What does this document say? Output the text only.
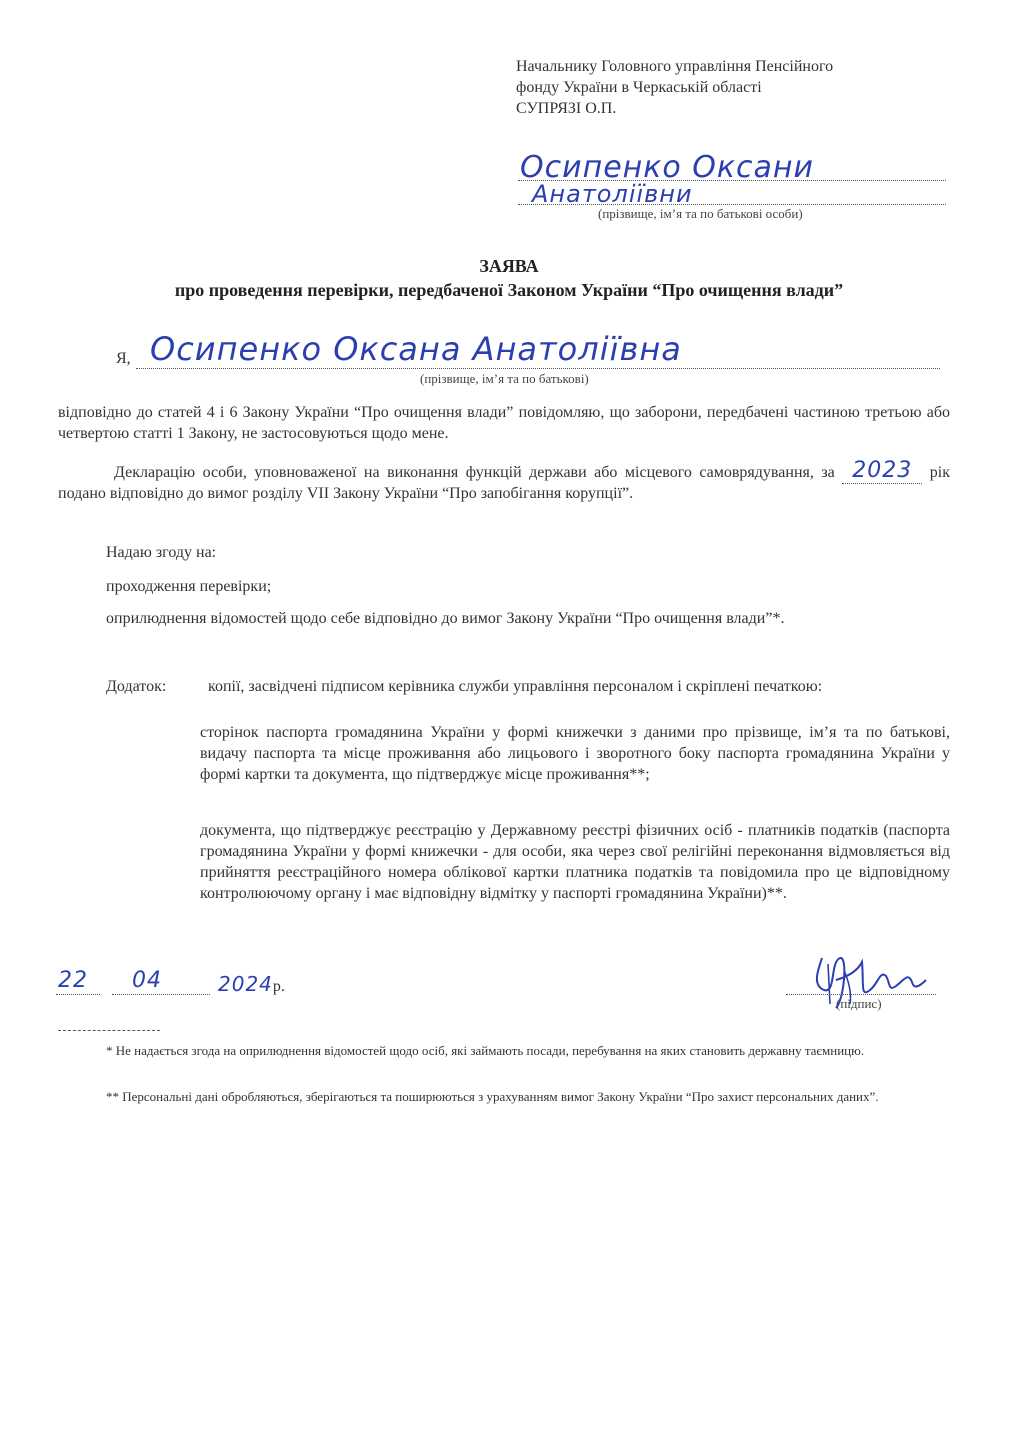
Начальнику Головного управління Пенсійного
фонду України в Черкаській області
СУПРЯЗІ О.П.
Осипенко Оксани
Анатоліївни
(прізвище, ім’я та по батькові особи)
ЗАЯВА
про проведення перевірки, передбаченої Законом України “Про очищення влади”
Я, Осипенко Оксана Анатоліївна
(прізвище, ім’я та по батькові)
відповідно до статей 4 і 6 Закону України “Про очищення влади” повідомляю, що заборони, передбачені частиною третьою або четвертою статті 1 Закону, не застосовуються щодо мене.
Декларацію особи, уповноваженої на виконання функцій держави або місцевого самоврядування, за 2023 рік подано відповідно до вимог розділу VII Закону України “Про запобігання корупції”.
Надаю згоду на:
проходження перевірки;
оприлюднення відомостей щодо себе відповідно до вимог Закону України “Про очищення влади”*.
Додаток:	копії, засвідчені підписом керівника служби управління персоналом і скріплені печаткою:
сторінок паспорта громадянина України у формі книжечки з даними про прізвище, ім’я та по батькові, видачу паспорта та місце проживання або лицьового і зворотного боку паспорта громадянина України у формі картки та документа, що підтверджує місце проживання**;
документа, що підтверджує реєстрацію у Державному реєстрі фізичних осіб - платників податків (паспорта громадянина України у формі книжечки - для особи, яка через свої релігійні переконання відмовляється від прийняття реєстраційного номера облікової картки платника податків та повідомила про це відповідному контролюючому органу і має відповідну відмітку у паспорті громадянина України)**.
22 04	2024р.
(підпис)
* Не надається згода на оприлюднення відомостей щодо осіб, які займають посади, перебування на яких становить державну таємницю.
** Персональні дані обробляються, зберігаються та поширюються з урахуванням вимог Закону України “Про захист персональних даних”.
